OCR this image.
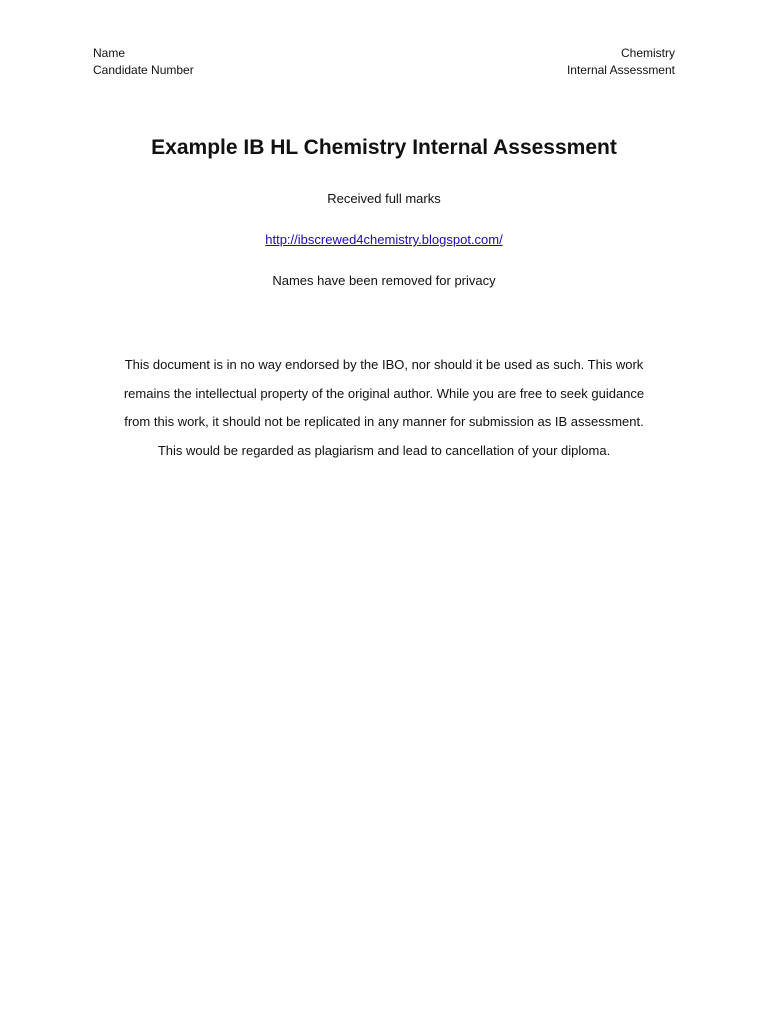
Name
Candidate Number
Chemistry
Internal Assessment
Example IB HL Chemistry Internal Assessment
Received full marks
http://ibscrewed4chemistry.blogspot.com/
Names have been removed for privacy
This document is in no way endorsed by the IBO, nor should it be used as such. This work
remains the intellectual property of the original author. While you are free to seek guidance
from this work, it should not be replicated in any manner for submission as IB assessment.
This would be regarded as plagiarism and lead to cancellation of your diploma.
